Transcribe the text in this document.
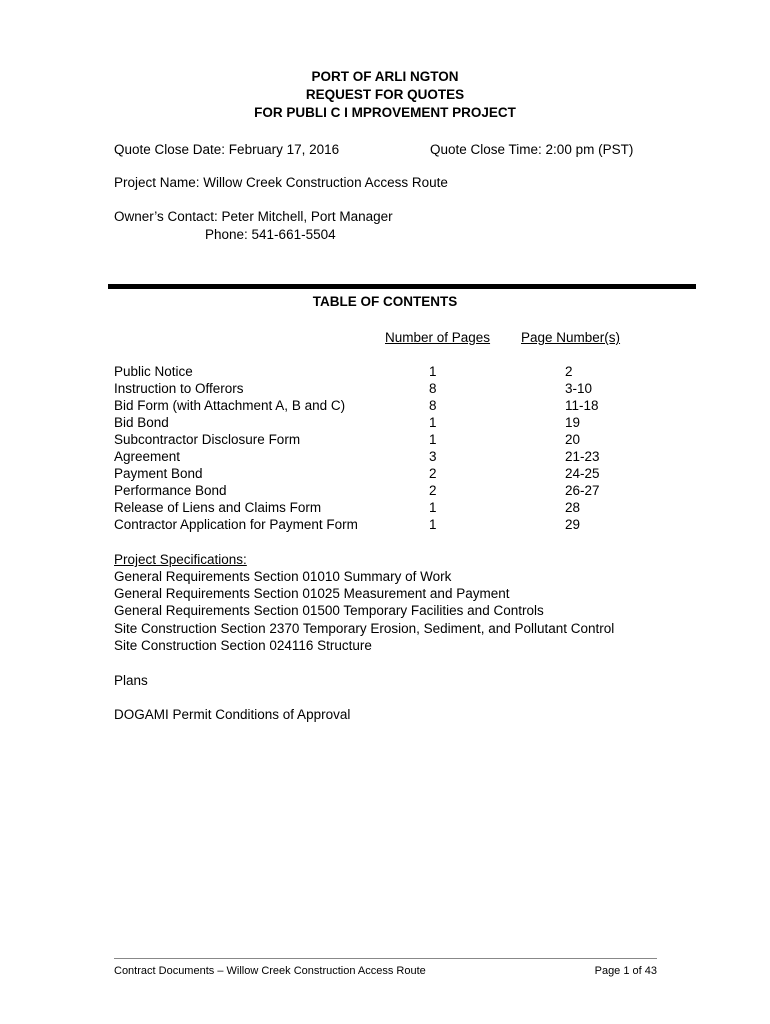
PORT OF ARLI NGTON
REQUEST FOR QUOTES
FOR PUBLI C I MPROVEMENT PROJECT
Quote Close Date: February 17, 2016	Quote Close Time: 2:00 pm (PST)
Project Name: Willow Creek Construction Access Route
Owner’s Contact: Peter Mitchell, Port Manager
Phone: 541-661-5504
TABLE OF CONTENTS
Number of Pages Page Number(s)
Public Notice	1	2
Instruction to Offerors	8	3-10
Bid Form (with Attachment A, B and C)	8	11-18
Bid Bond	1	19
Subcontractor Disclosure Form	1	20
Agreement	3	21-23
Payment Bond	2	24-25
Performance Bond	2	26-27
Release of Liens and Claims Form	1	28
Contractor Application for Payment Form	1	29
Project Specifications:
General Requirements Section 01010 Summary of Work
General Requirements Section 01025 Measurement and Payment
General Requirements Section 01500 Temporary Facilities and Controls
Site Construction Section 2370 Temporary Erosion, Sediment, and Pollutant Control
Site Construction Section 024116 Structure
Plans
DOGAMI Permit Conditions of Approval
Contract Documents – Willow Creek Construction Access Route	Page 1 of 43
